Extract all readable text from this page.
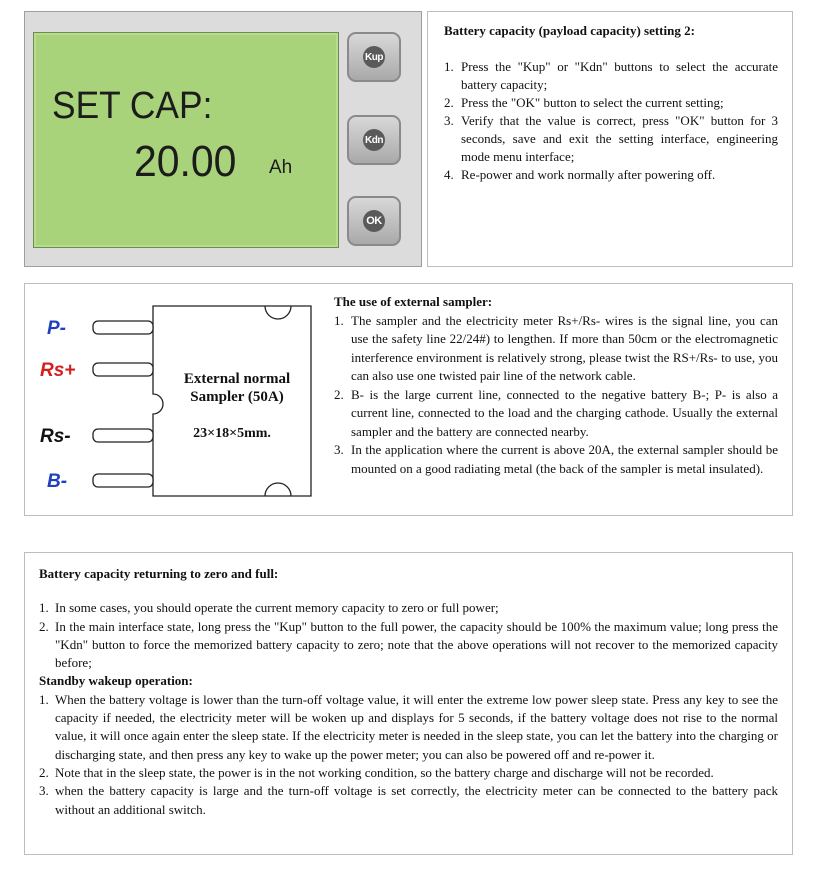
SET CAP:
20.00 Ah
Kup
Kdn
OK
Battery capacity (payload capacity) setting 2:
1. Press the "Kup" or "Kdn" buttons to select the accurate battery capacity;
2. Press the "OK" button to select the current setting;
3. Verify that the value is correct, press "OK" button for 3 seconds, save and exit the setting interface, engineering mode menu interface;
4. Re-power and work normally after powering off.
P-
Rs+
Rs-
B-
External normal
Sampler (50A)
23×18×5mm.
The use of external sampler:
1. The sampler and the electricity meter Rs+/Rs- wires is the signal line, you can use the safety line 22/24#) to lengthen. If more than 50cm or the electromagnetic interference environment is relatively strong, please twist the RS+/Rs- to use, you can also use one twisted pair line of the network cable.
2. B- is the large current line, connected to the negative battery B-; P- is also a current line, connected to the load and the charging cathode. Usually the external sampler and the battery are connected nearby.
3. In the application where the current is above 20A, the external sampler should be mounted on a good radiating metal (the back of the sampler is metal insulated).
Battery capacity returning to zero and full:
1. In some cases, you should operate the current memory capacity to zero or full power;
2. In the main interface state, long press the "Kup" button to the full power, the capacity should be 100% the maximum value; long press the "Kdn" button to force the memorized battery capacity to zero; note that the above operations will not recover to the memorized capacity before;
Standby wakeup operation:
1. When the battery voltage is lower than the turn-off voltage value, it will enter the extreme low power sleep state. Press any key to see the capacity if needed, the electricity meter will be woken up and displays for 5 seconds, if the battery voltage does not rise to the normal value, it will once again enter the sleep state. If the electricity meter is needed in the sleep state, you can let the battery into the charging or discharging state, and then press any key to wake up the power meter; you can also be powered off and re-power it.
2. Note that in the sleep state, the power is in the not working condition, so the battery charge and discharge will not be recorded.
3. when the battery capacity is large and the turn-off voltage is set correctly, the electricity meter can be connected to the battery pack without an additional switch.
